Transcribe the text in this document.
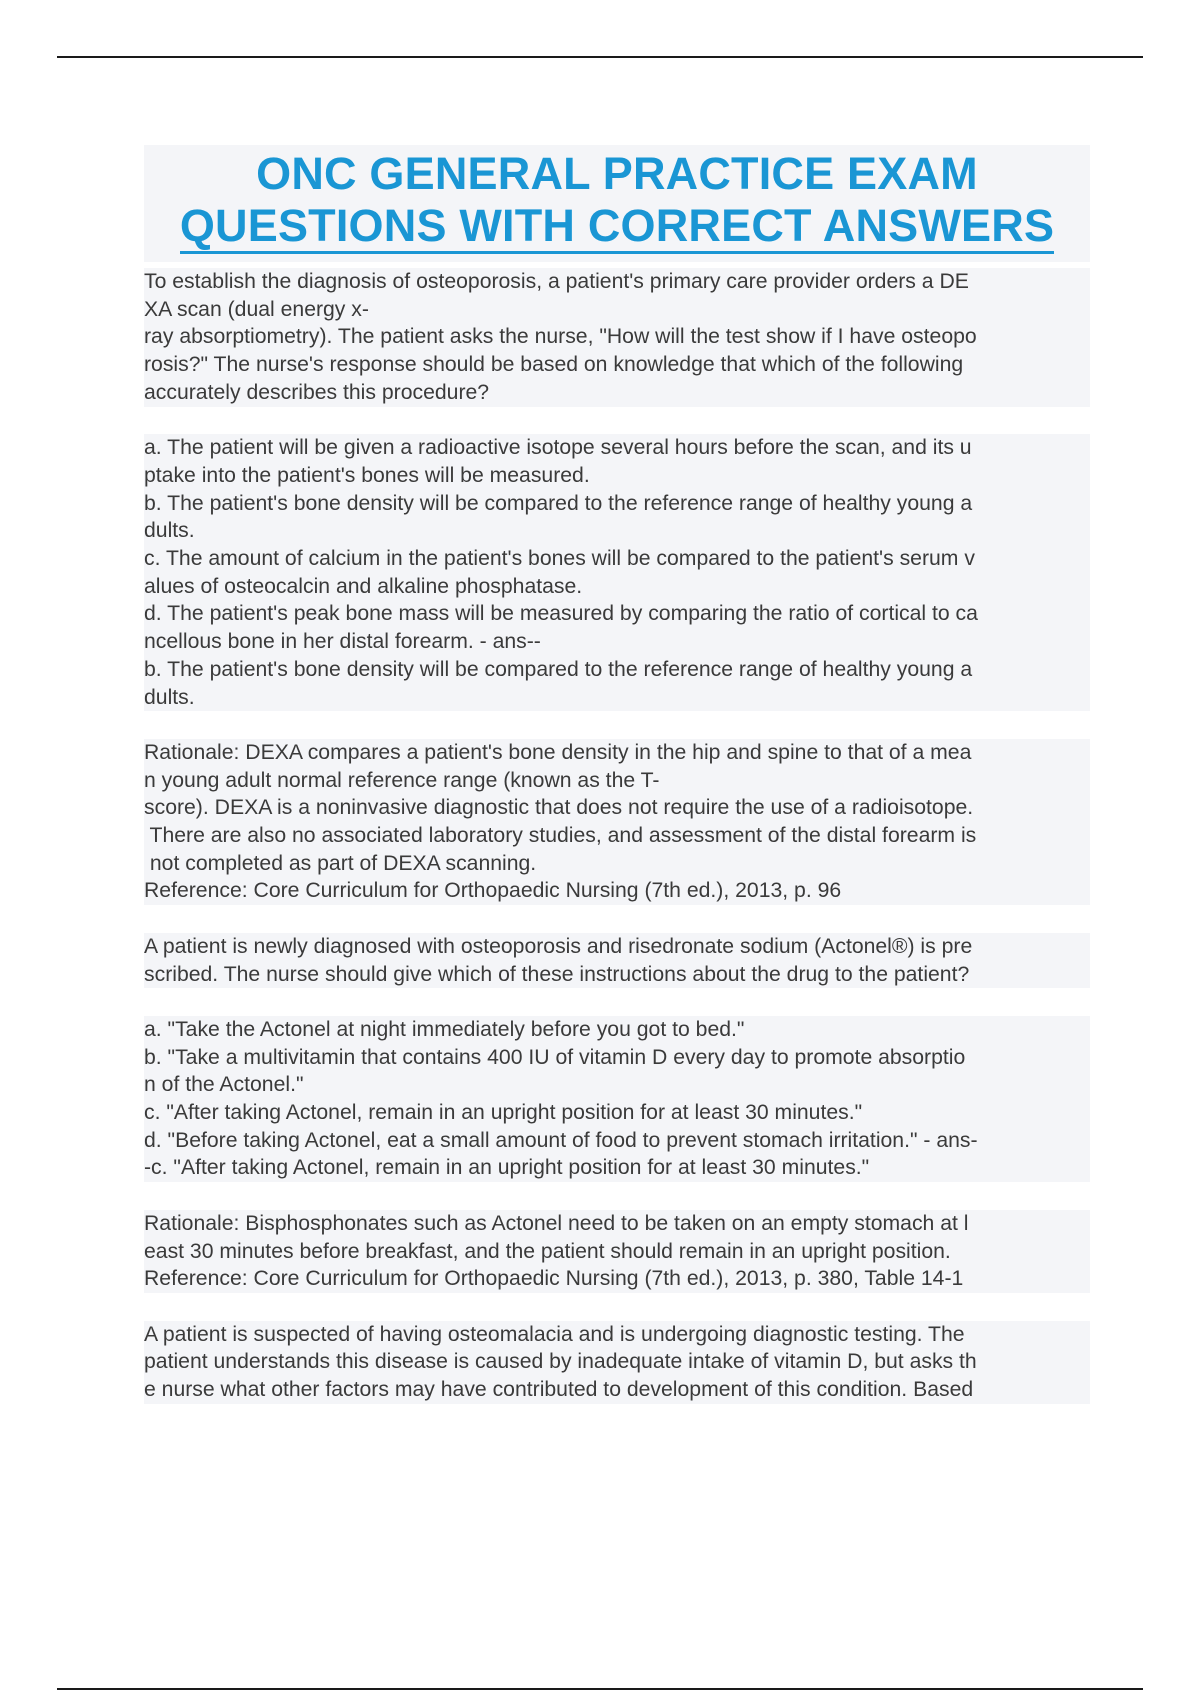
ONC GENERAL PRACTICE EXAM
QUESTIONS WITH CORRECT ANSWERS
To establish the diagnosis of osteoporosis, a patient's primary care provider orders a DE
XA scan (dual energy x-
ray absorptiometry). The patient asks the nurse, "How will the test show if I have osteopo
rosis?" The nurse's response should be based on knowledge that which of the following
accurately describes this procedure?
a. The patient will be given a radioactive isotope several hours before the scan, and its u
ptake into the patient's bones will be measured.
b. The patient's bone density will be compared to the reference range of healthy young a
dults.
c. The amount of calcium in the patient's bones will be compared to the patient's serum v
alues of osteocalcin and alkaline phosphatase.
d. The patient's peak bone mass will be measured by comparing the ratio of cortical to ca
ncellous bone in her distal forearm. - ans--
b. The patient's bone density will be compared to the reference range of healthy young a
dults.
Rationale: DEXA compares a patient's bone density in the hip and spine to that of a mea
n young adult normal reference range (known as the T-
score). DEXA is a noninvasive diagnostic that does not require the use of a radioisotope.
There are also no associated laboratory studies, and assessment of the distal forearm is
not completed as part of DEXA scanning.
Reference: Core Curriculum for Orthopaedic Nursing (7th ed.), 2013, p. 96
A patient is newly diagnosed with osteoporosis and risedronate sodium (Actonel®) is pre
scribed. The nurse should give which of these instructions about the drug to the patient?
a. "Take the Actonel at night immediately before you got to bed."
b. "Take a multivitamin that contains 400 IU of vitamin D every day to promote absorptio
n of the Actonel."
c. "After taking Actonel, remain in an upright position for at least 30 minutes."
d. "Before taking Actonel, eat a small amount of food to prevent stomach irritation." - ans-
-c. "After taking Actonel, remain in an upright position for at least 30 minutes."
Rationale: Bisphosphonates such as Actonel need to be taken on an empty stomach at l
east 30 minutes before breakfast, and the patient should remain in an upright position.
Reference: Core Curriculum for Orthopaedic Nursing (7th ed.), 2013, p. 380, Table 14-1
A patient is suspected of having osteomalacia and is undergoing diagnostic testing. The
patient understands this disease is caused by inadequate intake of vitamin D, but asks th
e nurse what other factors may have contributed to development of this condition. Based
